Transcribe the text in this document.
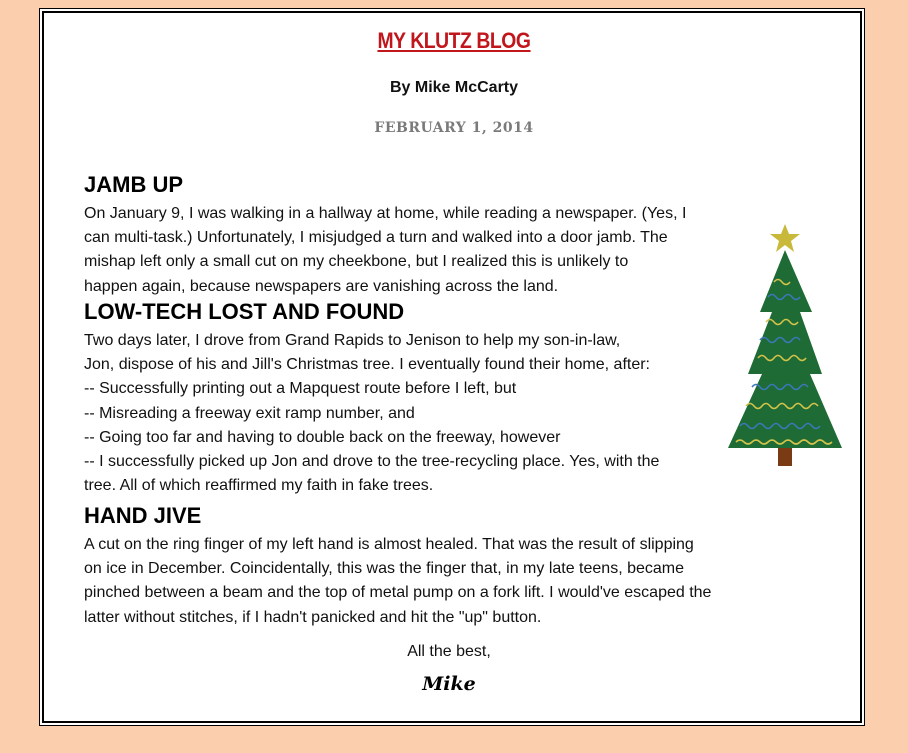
MY KLUTZ BLOG
By Mike McCarty
FEBRUARY 1, 2014
JAMB UP
On January 9, I was walking in a hallway at home, while reading a newspaper. (Yes, I
can multi-task.) Unfortunately, I misjudged a turn and walked into a door jamb. The
mishap left only a small cut on my cheekbone, but I realized this is unlikely to
happen again, because newspapers are vanishing across the land.
LOW-TECH LOST AND FOUND
Two days later, I drove from Grand Rapids to Jenison to help my son-in-law,
Jon, dispose of his and Jill's Christmas tree. I eventually found their home, after:
-- Successfully printing out a Mapquest route before I left, but
-- Misreading a freeway exit ramp number, and
-- Going too far and having to double back on the freeway, however
-- I successfully picked up Jon and drove to the tree-recycling place. Yes, with the
tree. All of which reaffirmed my faith in fake trees.
HAND JIVE
A cut on the ring finger of my left hand is almost healed. That was the result of slipping
on ice in December. Coincidentally, this was the finger that, in my late teens, became
pinched between a beam and the top of metal pump on a fork lift. I would've escaped the
latter without stitches, if I hadn't panicked and hit the "up" button.
All the best,
Mike
